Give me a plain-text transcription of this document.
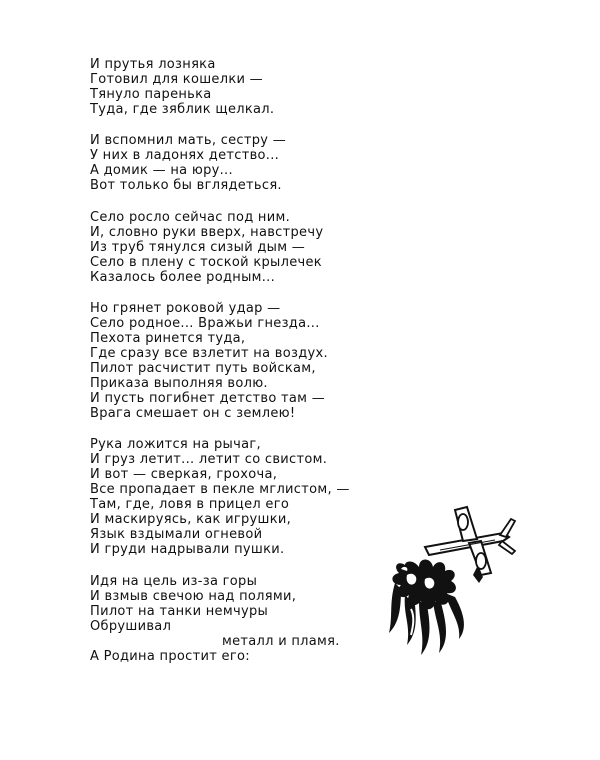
И прутья лозняка
Готовил для кошелки —
Тянуло паренька
Туда, где зяблик щелкал.
И вспомнил мать, сестру —
У них в ладонях детство...
А домик — на юру...
Вот только бы вглядеться.
Село росло сейчас под ним.
И, словно руки вверх, навстречу
Из труб тянулся сизый дым —
Село в плену с тоской крылечек
Казалось более родным...
Но грянет роковой удар —
Село родное... Вражьи гнезда...
Пехота ринется туда,
Где сразу все взлетит на воздух.
Пилот расчистит путь войскам,
Приказа выполняя волю.
И пусть погибнет детство там —
Врага смешает он с землею!
Рука ложится на рычаг,
И груз летит... летит со свистом.
И вот — сверкая, грохоча,
Все пропадает в пекле мглистом, —
Там, где, ловя в прицел его
И маскируясь, как игрушки,
Язык вздымали огневой
И груди надрывали пушки.
Идя на цель из-за горы
И взмыв свечою над полями,
Пилот на танки немчуры
Обрушивал
металл и пламя.
А Родина простит его:
